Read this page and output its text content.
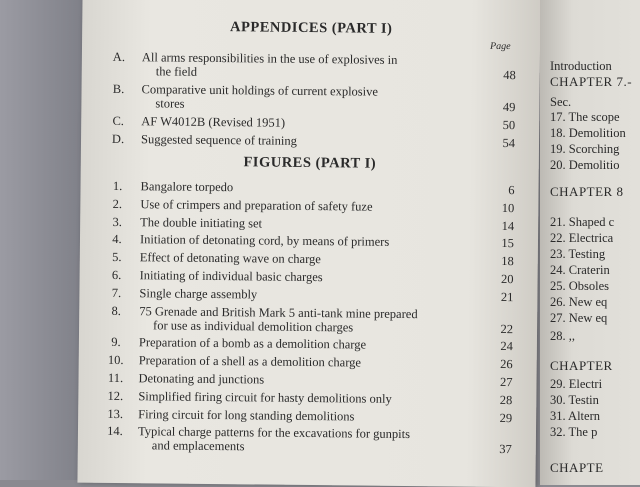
APPENDICES (PART I)
Page
A.	All arms responsibilities in the use of explosives in
the field	48
B.	Comparative unit holdings of current explosive
stores	49
C.	AF W4012B (Revised 1951)	50
D.	Suggested sequence of training	54
FIGURES (PART I)
1.	Bangalore torpedo	6
2.	Use of crimpers and preparation of safety fuze	10
3.	The double initiating set	14
4.	Initiation of detonating cord, by means of primers	15
5.	Effect of detonating wave on charge	18
6.	Initiating of individual basic charges	20
7.	Single charge assembly	21
8.	75 Grenade and British Mark 5 anti-tank mine prepared
for use as individual demolition charges	22
9.	Preparation of a bomb as a demolition charge	24
10.	Preparation of a shell as a demolition charge	26
11.	Detonating and junctions	27
12.	Simplified firing circuit for hasty demolitions only	28
13.	Firing circuit for long standing demolitions	29
14.	Typical charge patterns for the excavations for gunpits
and emplacements	37
Introduction
CHAPTER 7.-
Sec.
17. The scope
18. Demolition
19. Scorching
20. Demolitio
CHAPTER 8
21. Shaped c
22. Electrica
23. Testing
24. Craterin
25. Obsoles
26. New eq
27. New eq
28. ,,
CHAPTER
29. Electri
30. Testin
31. Altern
32. The p
CHAPTE
